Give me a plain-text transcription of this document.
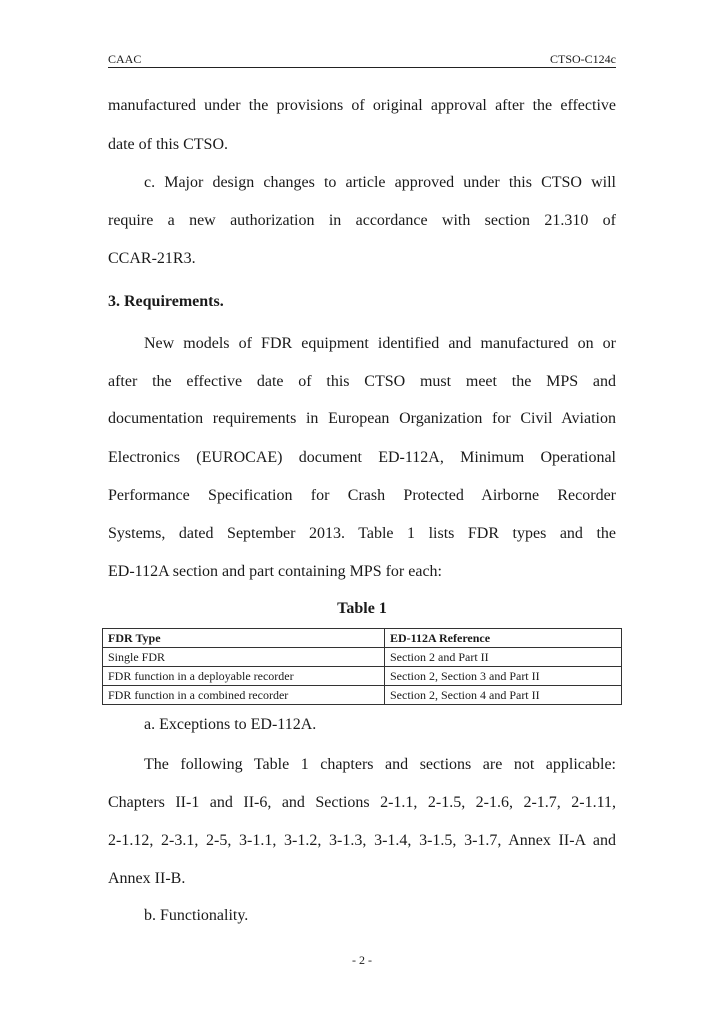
CAAC	CTSO-C124c
manufactured under the provisions of original approval after the effective
date of this CTSO.
c. Major design changes to article approved under this CTSO will
require a new authorization in accordance with section 21.310 of
CCAR-21R3.
3. Requirements.
New models of FDR equipment identified and manufactured on or
after the effective date of this CTSO must meet the MPS and
documentation requirements in European Organization for Civil Aviation
Electronics (EUROCAE) document ED-112A, Minimum Operational
Performance Specification for Crash Protected Airborne Recorder
Systems, dated September 2013. Table 1 lists FDR types and the
ED-112A section and part containing MPS for each:
Table 1
FDR Type	ED-112A Reference
Single FDR	Section 2 and Part II
FDR function in a deployable recorder	Section 2, Section 3 and Part II
FDR function in a combined recorder	Section 2, Section 4 and Part II
a. Exceptions to ED-112A.
The following Table 1 chapters and sections are not applicable:
Chapters II-1 and II-6, and Sections 2-1.1, 2-1.5, 2-1.6, 2-1.7, 2-1.11,
2-1.12, 2-3.1, 2-5, 3-1.1, 3-1.2, 3-1.3, 3-1.4, 3-1.5, 3-1.7, Annex II-A and
Annex II-B.
b. Functionality.
- 2 -
